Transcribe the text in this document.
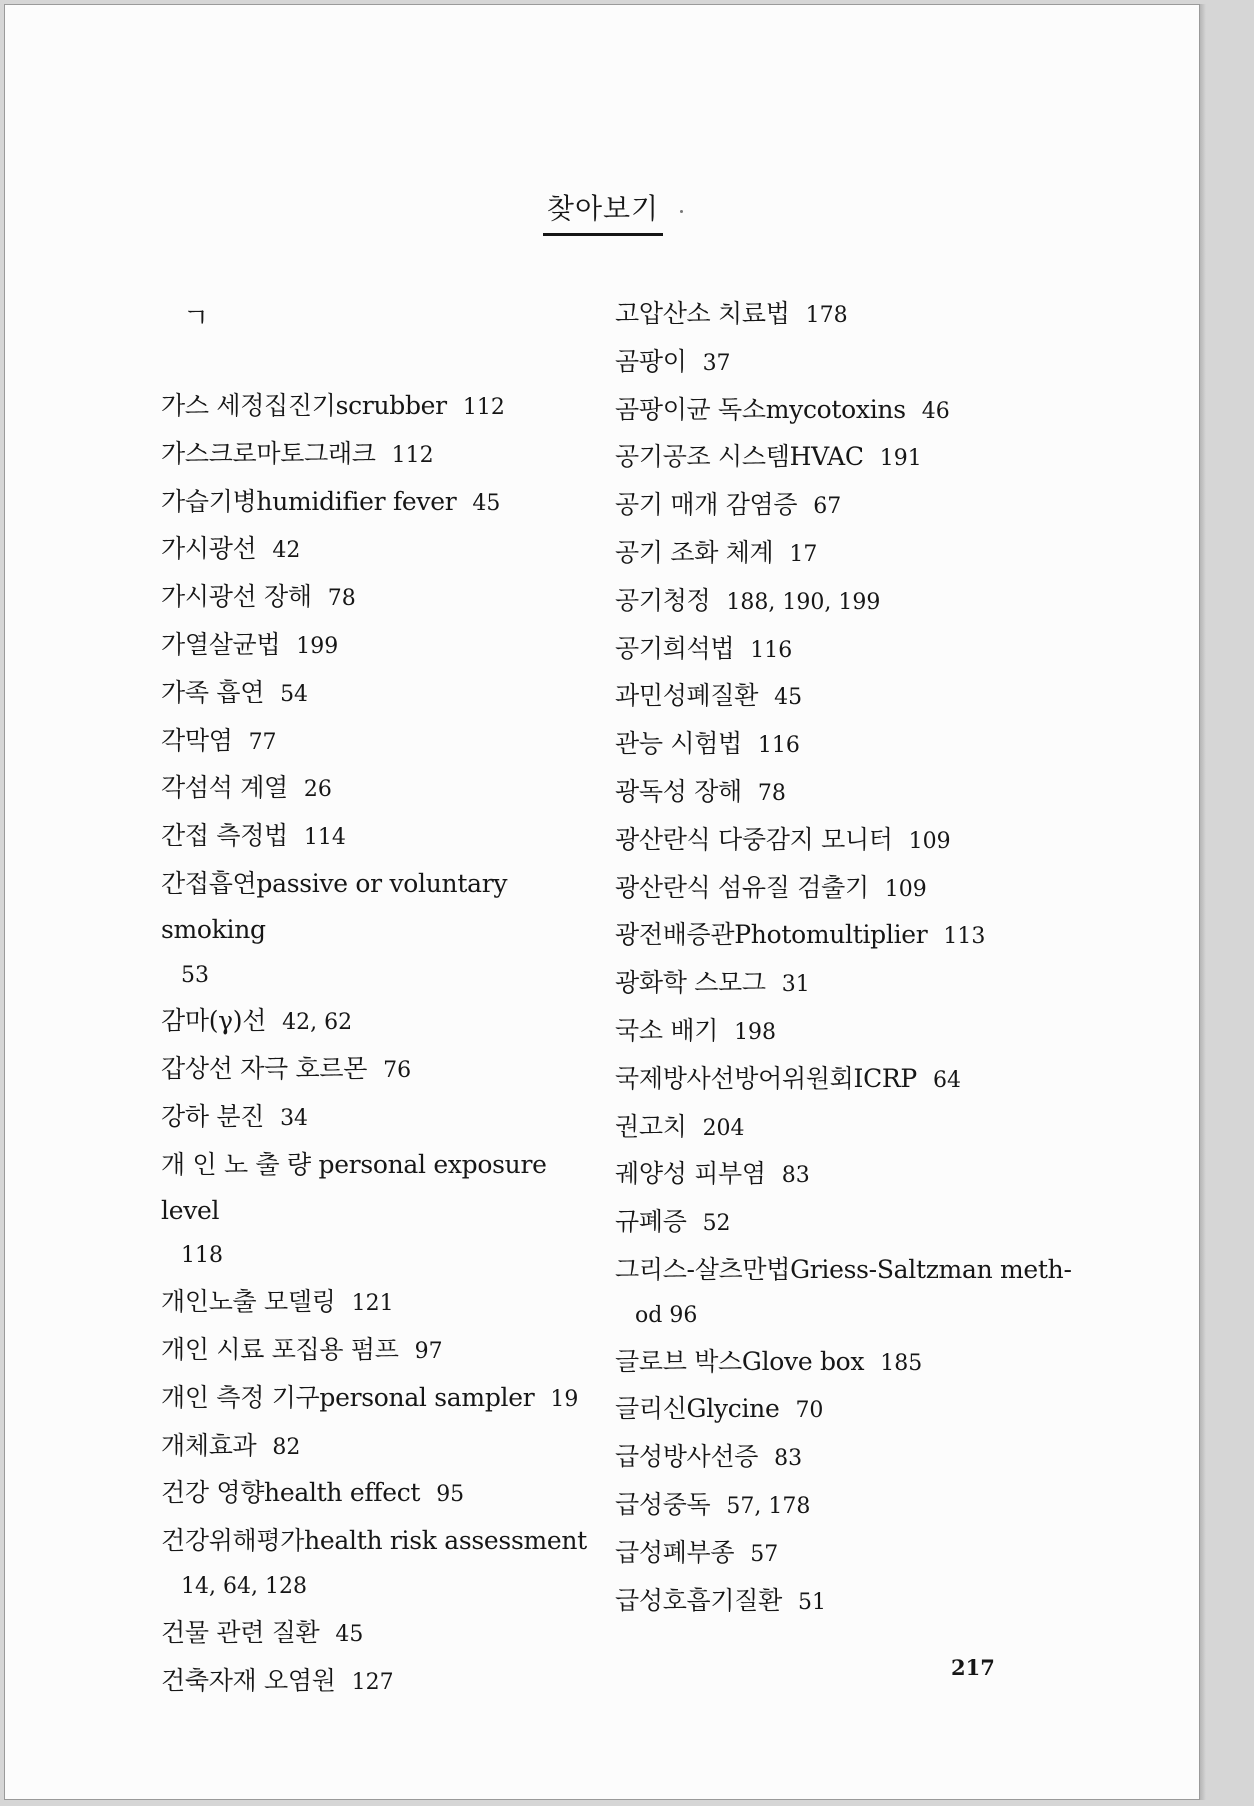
찾아보기
ㄱ
가스 세정집진기scrubber 112
가스크로마토그래크 112
가습기병humidifier fever 45
가시광선 42
가시광선 장해 78
가열살균법 199
가족 흡연 54
각막염 77
각섬석 계열 26
간접 측정법 114
간접흡연passive or voluntary smoking
53
감마(γ)선 42, 62
갑상선 자극 호르몬 76
강하 분진 34
개 인 노 출 량 personal exposure level
118
개인노출 모델링 121
개인 시료 포집용 펌프 97
개인 측정 기구personal sampler 19
개체효과 82
건강 영향health effect 95
건강위해평가health risk assessment
14, 64, 128
건물 관련 질환 45
건축자재 오염원 127
고압산소 치료법 178
곰팡이 37
곰팡이균 독소mycotoxins 46
공기공조 시스템HVAC 191
공기 매개 감염증 67
공기 조화 체계 17
공기청정 188, 190, 199
공기희석법 116
과민성폐질환 45
관능 시험법 116
광독성 장해 78
광산란식 다중감지 모니터 109
광산란식 섬유질 검출기 109
광전배증관Photomultiplier 113
광화학 스모그 31
국소 배기 198
국제방사선방어위원회ICRP 64
권고치 204
궤양성 피부염 83
규폐증 52
그리스-살츠만법Griess-Saltzman meth-
od 96
글로브 박스Glove box 185
글리신Glycine 70
급성방사선증 83
급성중독 57, 178
급성폐부종 57
급성호흡기질환 51
217
